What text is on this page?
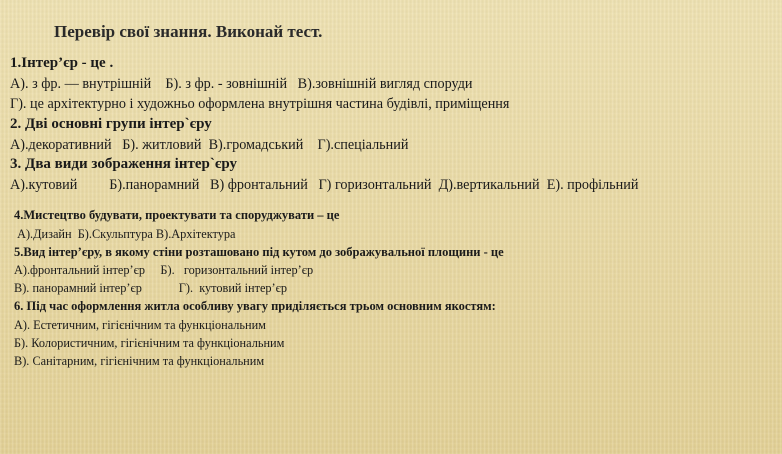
Перевір свої знання. Виконай тест.
1.Інтер’єр - це .
А). з фр. — внутрішній    Б). з фр. - зовнішній   В).зовнішній вигляд споруди
Г). це архітектурно і художньо оформлена внутрішня частина будівлі, приміщення
2. Дві основні групи інтер`єру
А).декоративний   Б). житловий  В).громадський    Г).спеціальний
3. Два види зображення інтер`єру
А).кутовий         Б).панорамний   В) фронтальний   Г) горизонтальний  Д).вертикальний  Е). профільний
4.Мистецтво будувати, проектувати та споруджувати – це
А).Дизайн  Б).Скульптура В).Архітектура
5.Вид інтер’єру, в якому стіни розташовано під кутом до зображувальної площини - це
А).фронтальний інтер’єр     Б).   горизонтальний інтер’єр
В). панорамний інтер’єр            Г).  кутовий інтер’єр
6. Під час оформлення житла особливу увагу приділяється трьом основним якостям:
А). Естетичним, гігієнічним та функціональним
Б). Колористичним, гігієнічним та функціональним
В). Санітарним, гігієнічним та функціональним
